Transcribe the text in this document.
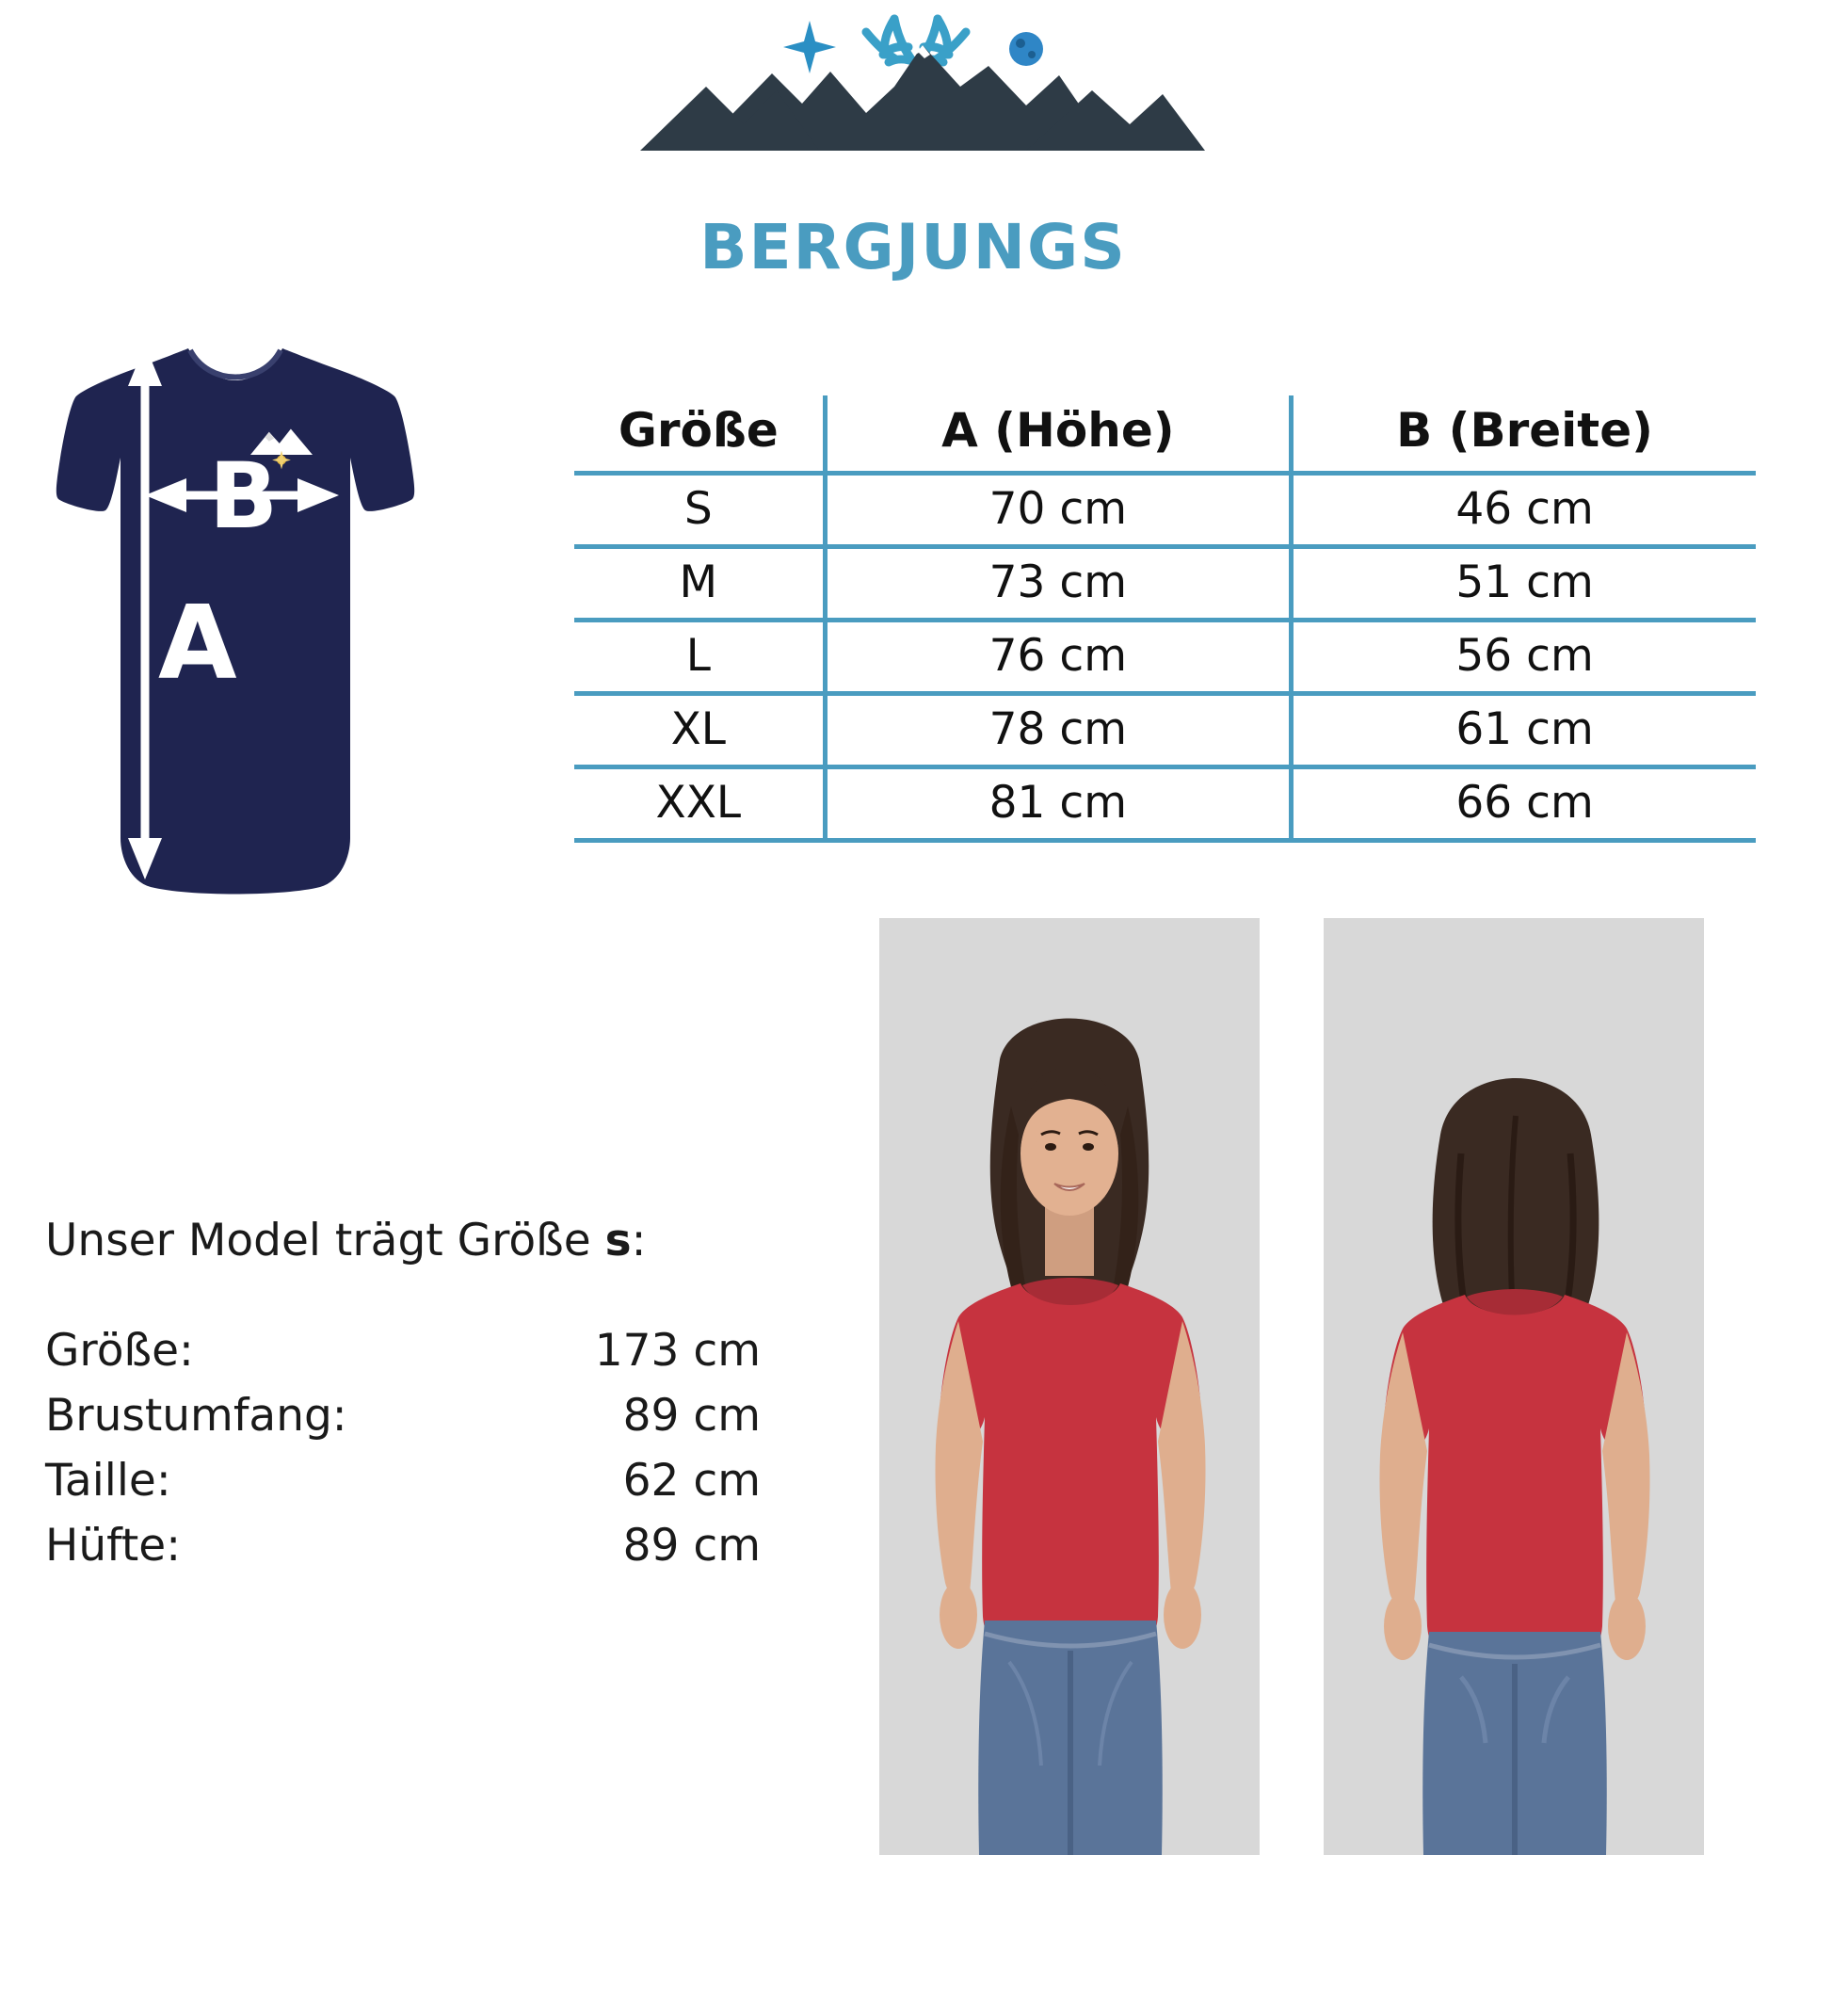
BERGJUNGS
A
B
Größe	A (Höhe)	B (Breite)
S	70 cm	46 cm
M	73 cm	51 cm
L	76 cm	56 cm
XL	78 cm	61 cm
XXL	81 cm	66 cm
Unser Model trägt Größe s:
Größe:	173 cm
Brustumfang:	89 cm
Taille:	62 cm
Hüfte:	89 cm
